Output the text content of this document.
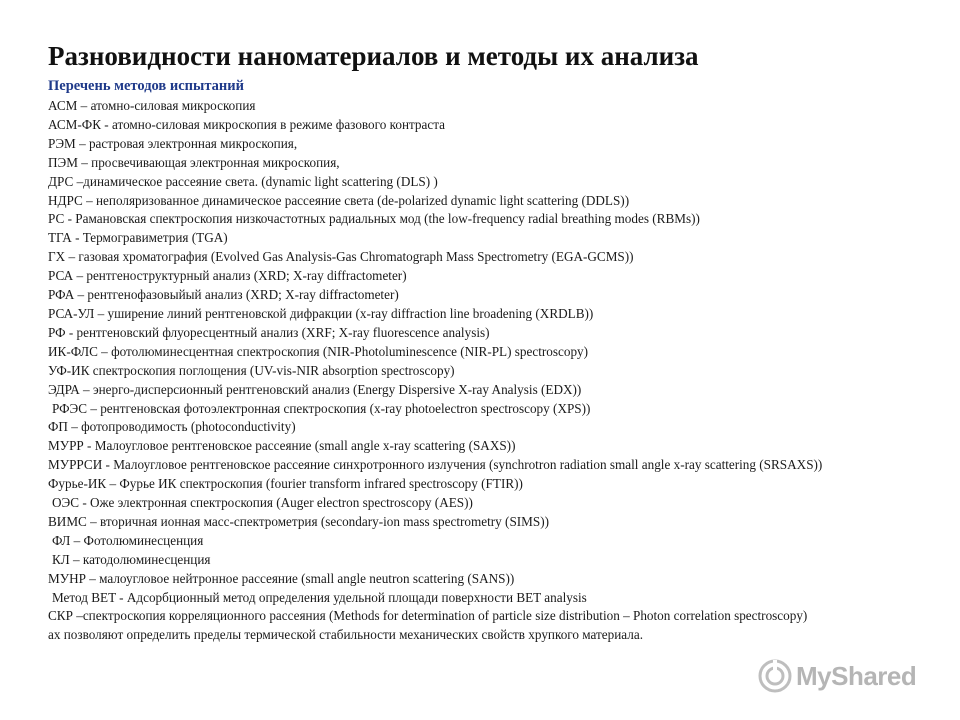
Разновидности наноматериалов и методы их анализа
Перечень методов испытаний
АСМ – атомно-силовая микроскопия
АСМ-ФК - атомно-силовая микроскопия в режиме фазового контраста
РЭМ – растровая электронная микроскопия,
ПЭМ – просвечивающая электронная микроскопия,
ДРС –динамическое рассеяние света. (dynamic light scattering (DLS) )
НДРС – неполяризованное динамическое рассеяние света (de-polarized dynamic light scattering (DDLS))
РС - Рамановская спектроскопия низкочастотных радиальных мод (the low-frequency radial breathing modes (RBMs))
ТГА - Термогравиметрия (TGA)
ГХ – газовая хроматография (Evolved Gas Analysis-Gas Chromatograph Mass Spectrometry (EGA-GCMS))
РСА – рентгеноструктурный анализ (XRD; X-ray diffractometer)
РФА – рентгенофазовыйый анализ (XRD; X-ray diffractometer)
РСА-УЛ – уширение линий рентгеновской дифракции (x-ray diffraction line broadening (XRDLB))
РФ - рентгеновский флуоресцентный анализ (XRF; X-ray fluorescence analysis)
ИК-ФЛС – фотолюминесцентная спектроскопия (NIR-Photoluminescence (NIR-PL) spectroscopy)
УФ-ИК спектроскопия поглощения (UV-vis-NIR absorption spectroscopy)
ЭДРА – энерго-дисперсионный рентгеновский анализ (Energy Dispersive X-ray Analysis (EDX))
РФЭС – рентгеновская фотоэлектронная спектроскопия (x-ray photoelectron spectroscopy (XPS))
ФП – фотопроводимость (photoconductivity)
МУРР - Малоугловое рентгеновское рассеяние (small angle x-ray scattering (SAXS))
МУРРСИ - Малоугловое рентгеновское рассеяние синхротронного излучения (synchrotron radiation small angle x-ray scattering (SRSAXS))
Фурье-ИК – Фурье ИК спектроскопия (fourier transform infrared spectroscopy (FTIR))
ОЭС - Оже электронная спектроскопия (Auger electron spectroscopy (AES))
ВИМС – вторичная ионная масс-спектрометрия (secondary-ion mass spectrometry (SIMS))
ФЛ – Фотолюминесценция
КЛ – катодолюминесценция
МУНР – малоугловое нейтронное рассеяние (small angle neutron scattering (SANS))
Метод BET - Адсорбционный метод определения удельной площади поверхности BET analysis
СКР –спектроскопия корреляционного рассеяния (Methods for determination of particle size distribution – Photon correlation spectroscopy)
ах позволяют определить пределы термической стабильности механических свойств хрупкого материала.
MyShared
